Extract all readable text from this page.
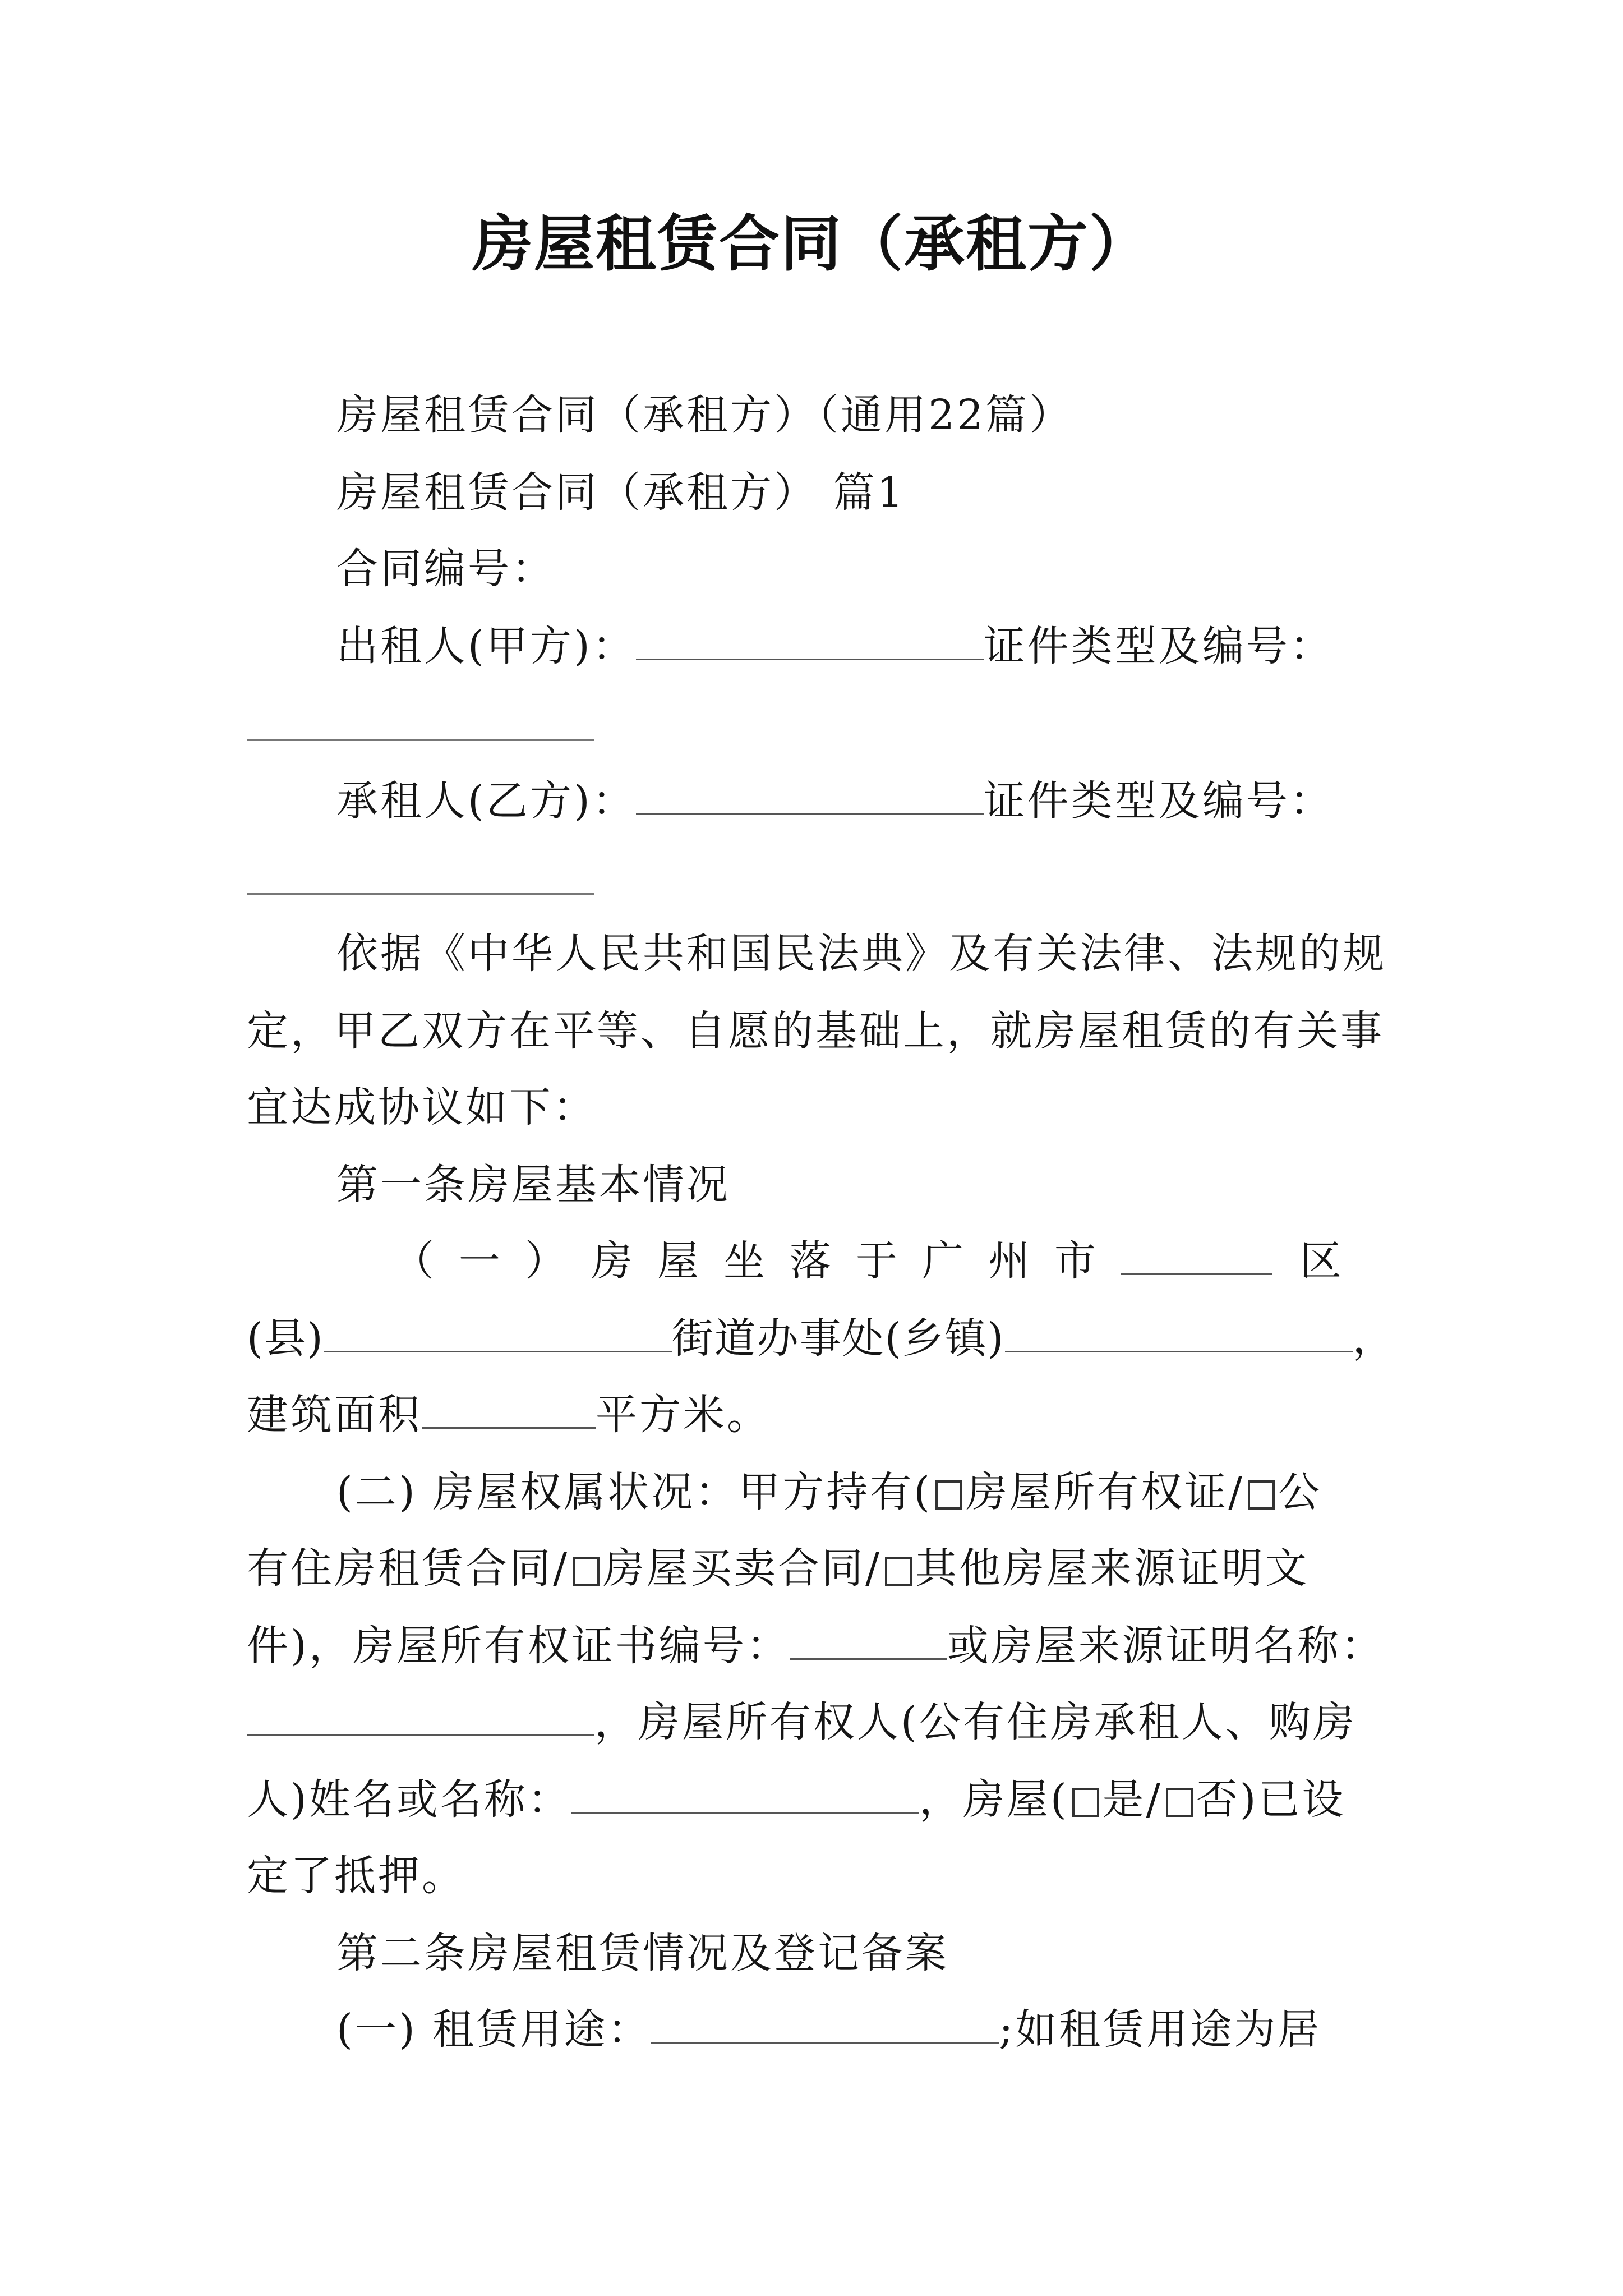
房屋租赁合同（承租方）
房屋租赁合同（承租方）（通用22篇）
房屋租赁合同（承租方） 篇1
合同编号：
出租人(甲方)：	证件类型及编号：
承租人(乙方)：	证件类型及编号：
依据《中华人民共和国民法典》及有关法律、法规的规
定，甲乙双方在平等、自愿的基础上，就房屋租赁的有关事
宜达成协议如下：
第一条房屋基本情况
（一）房屋坐落于广州市	区
(县)	街道办事处(乡镇)	，
建筑面积	平方米。
(二) 房屋权属状况：甲方持有( 房屋所有权证/ 公
有住房租赁合同/ 房屋买卖合同/ 其他房屋来源证明文
件)，房屋所有权证书编号：	或房屋来源证明名称：
，房屋所有权人(公有住房承租人、购房
人)姓名或名称：	，房屋( 是/ 否)已设
定了抵押。
第二条房屋租赁情况及登记备案
(一) 租赁用途：	;如租赁用途为居
